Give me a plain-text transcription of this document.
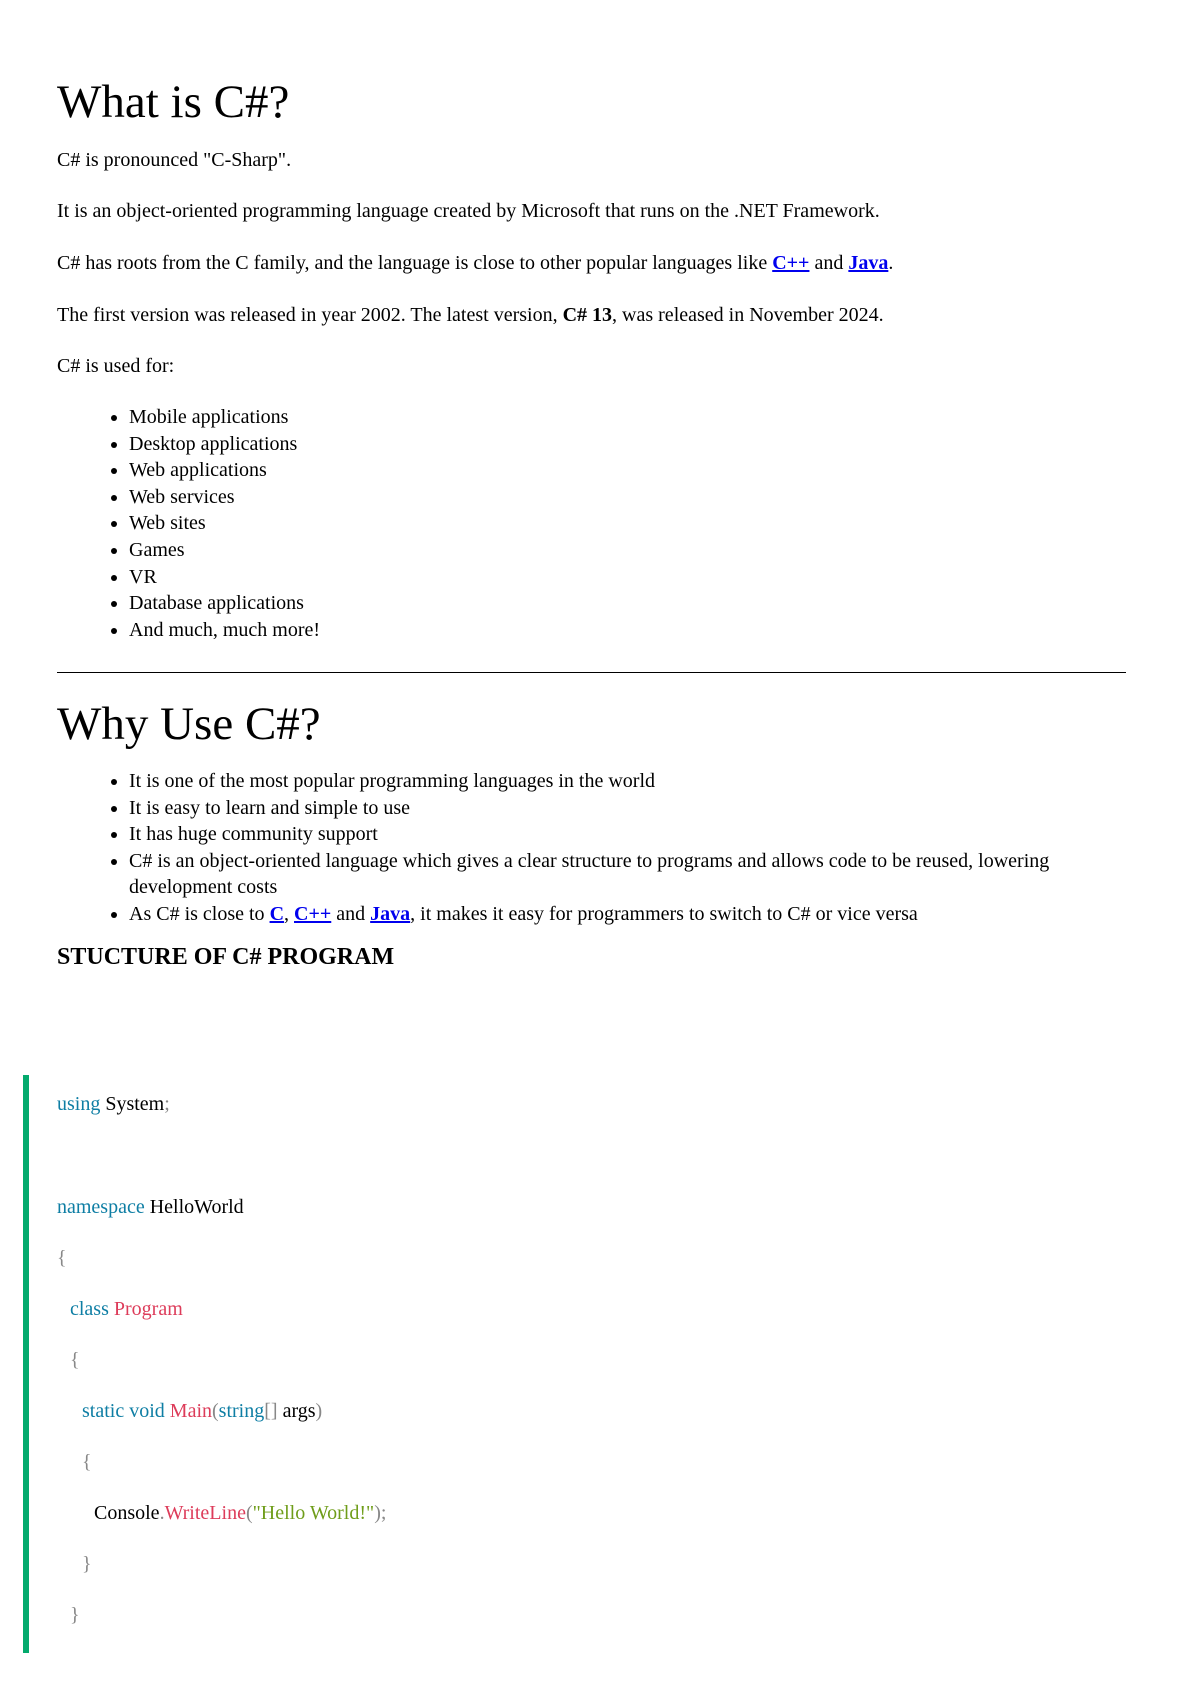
What is C#?
C# is pronounced "C-Sharp".
It is an object-oriented programming language created by Microsoft that runs on the .NET Framework.
C# has roots from the C family, and the language is close to other popular languages like C++ and Java.
The first version was released in year 2002. The latest version, C# 13, was released in November 2024.
C# is used for:
• Mobile applications
• Desktop applications
• Web applications
• Web services
• Web sites
• Games
• VR
• Database applications
• And much, much more!
Why Use C#?
• It is one of the most popular programming languages in the world
• It is easy to learn and simple to use
• It has huge community support
• C# is an object-oriented language which gives a clear structure to programs and allows code to be reused, lowering development costs
• As C# is close to C, C++ and Java, it makes it easy for programmers to switch to C# or vice versa
STUCTURE OF C# PROGRAM
using System;
namespace HelloWorld
{
class Program
{
static void Main(string[] args)
{
Console.WriteLine("Hello World!");
}
}
